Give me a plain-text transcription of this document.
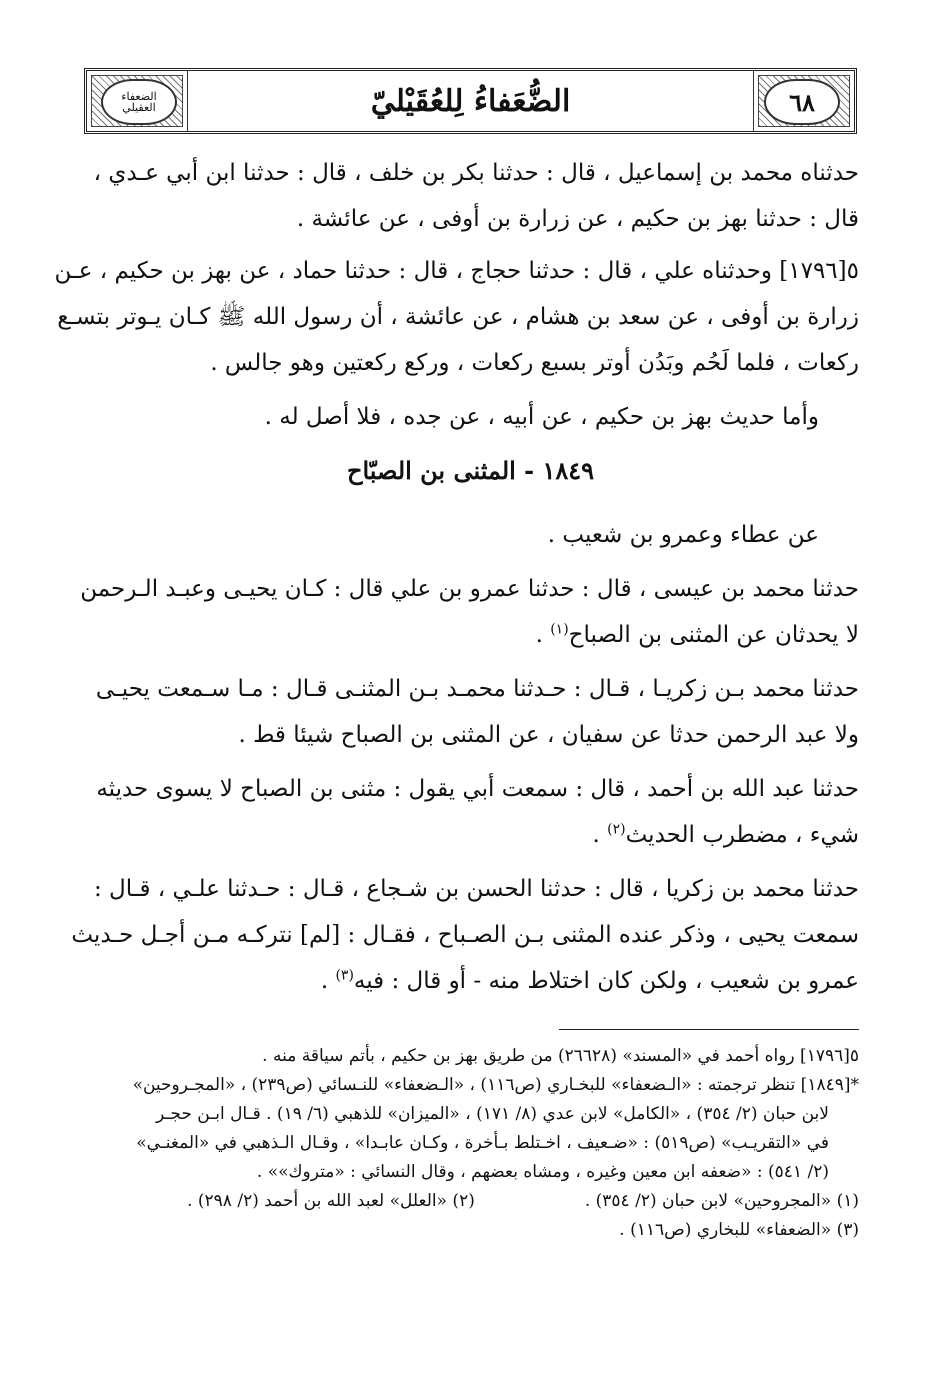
٦٨
الضعفاء العقيلي	الضُّعَفاءُ لِلعُقَيْليّ
حدثناه محمد بن إسماعيل ، قال : حدثنا بكر بن خلف ، قال : حدثنا ابن أبي عـدي ،
قال : حدثنا بهز بن حكيم ، عن زرارة بن أوفى ، عن عائشة .
٥[١٧٩٦] وحدثناه علي ، قال : حدثنا حجاج ، قال : حدثنا حماد ، عن بهز بن حكيم ، عـن
زرارة بن أوفى ، عن سعد بن هشام ، عن عائشة ، أن رسول الله ﷺ كـان يـوتر بتسـع
ركعات ، فلما لَحُم وبَدُن أوتر بسبع ركعات ، وركع ركعتين وهو جالس .
وأما حديث بهز بن حكيم ، عن أبيه ، عن جده ، فلا أصل له .
١٨٤٩ - المثنى بن الصبّاح
عن عطاء وعمرو بن شعيب .
حدثنا محمد بن عيسى ، قال : حدثنا عمرو بن علي قال : كـان يحيـى وعبـد الـرحمن
لا يحدثان عن المثنى بن الصباح$^{(١)}$ .
حدثنا محمد بـن زكريـا ، قـال : حـدثنا محمـد بـن المثنـى قـال : مـا سـمعت يحيـى
ولا عبد الرحمن حدثا عن سفيان ، عن المثنى بن الصباح شيئا قط .
حدثنا عبد الله بن أحمد ، قال : سمعت أبي يقول : مثنى بن الصباح لا يسوى حديثه
شيء ، مضطرب الحديث$^{(٢)}$ .
حدثنا محمد بن زكريا ، قال : حدثنا الحسن بن شـجاع ، قـال : حـدثنا علـي ، قـال :
سمعت يحيى ، وذكر عنده المثنى بـن الصـباح ، فقـال : [لم] نتركـه مـن أجـل حـديث
عمرو بن شعيب ، ولكن كان اختلاط منه - أو قال : فيه$^{(٣)}$ .
٥[١٧٩٦] رواه أحمد في «المسند» (٢٦٦٢٨) من طريق بهز بن حكيم ، بأتم سياقة منه .
*[١٨٤٩] تنظر ترجمته : «الـضعفاء» للبخـاري (ص١١٦) ، «الـضعفاء» للنـسائي (ص٢٣٩) ، «المجـروحين»
لابن حبان (٢/ ٣٥٤) ، «الكامل» لابن عدي (٨/ ١٧١) ، «الميزان» للذهبي (٦/ ١٩) . قـال ابـن حجـر
في «التقريـب» (ص٥١٩) : «ضـعيف ، اخـتلط بـأخرة ، وكـان عابـدا» ، وقـال الـذهبي في «المغنـي»
(٢/ ٥٤١) : «ضعفه ابن معين وغيره ، ومشاه بعضهم ، وقال النسائي : «متروك»» .
(١) «المجروحين» لابن حبان (٢/ ٣٥٤) .
(٢) «العلل» لعبد الله بن أحمد (٢/ ٢٩٨) .
(٣) «الضعفاء» للبخاري (ص١١٦) .
